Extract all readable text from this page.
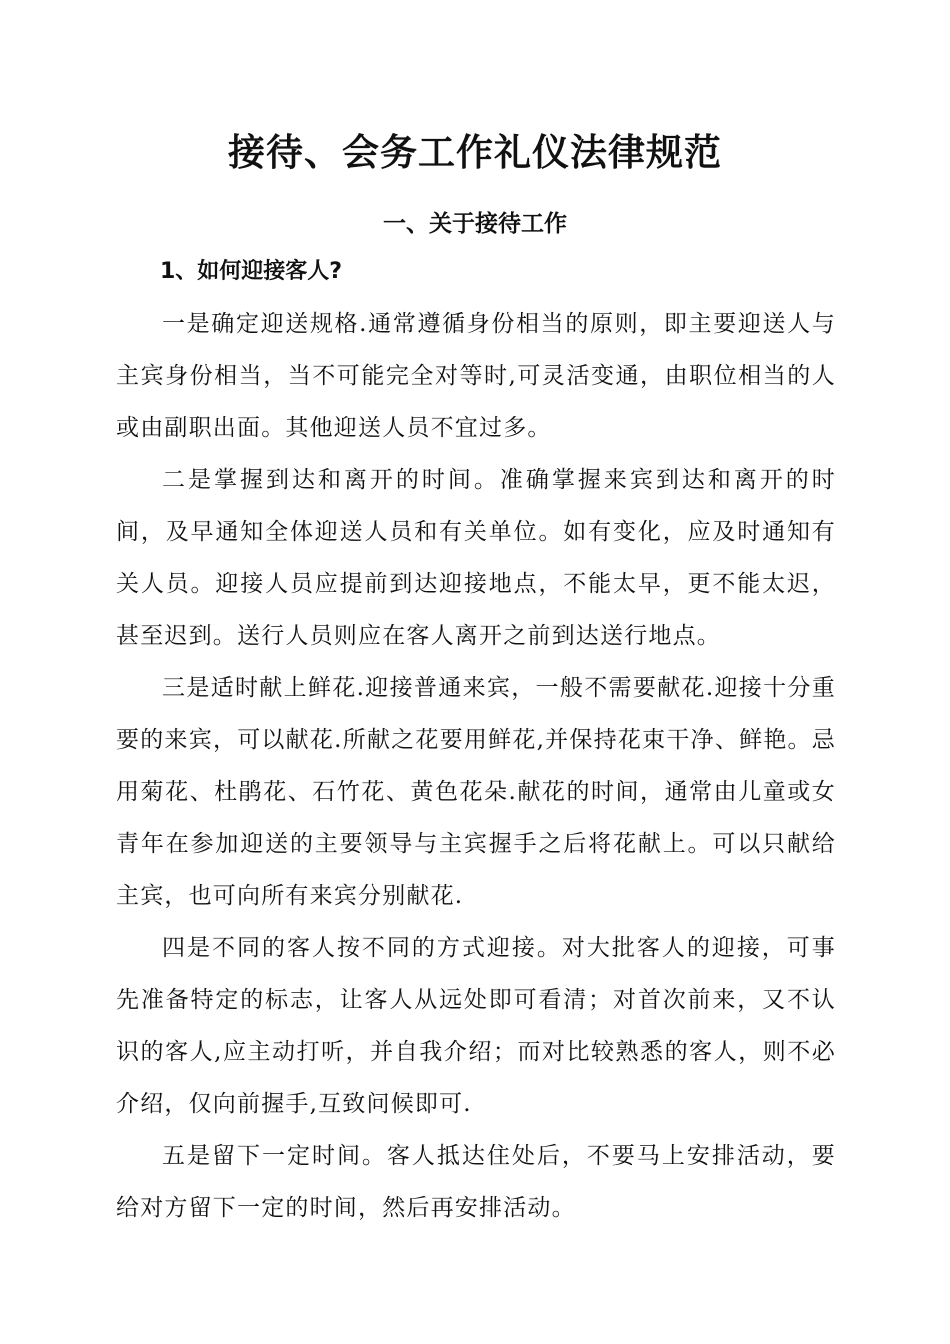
接待、会务工作礼仪法律规范
一、关于接待工作
1、如何迎接客人?

一是确定迎送规格.通常遵循身份相当的原则，即主要迎送人与主宾身份相当，当不可能完全对等时,可灵活变通，由职位相当的人或由副职出面。其他迎送人员不宜过多。

二是掌握到达和离开的时间。准确掌握来宾到达和离开的时间，及早通知全体迎送人员和有关单位。如有变化，应及时通知有关人员。迎接人员应提前到达迎接地点，不能太早，更不能太迟，甚至迟到。送行人员则应在客人离开之前到达送行地点。

三是适时献上鲜花.迎接普通来宾，一般不需要献花.迎接十分重要的来宾，可以献花.所献之花要用鲜花,并保持花束干净、鲜艳。忌用菊花、杜鹃花、石竹花、黄色花朵.献花的时间，通常由儿童或女青年在参加迎送的主要领导与主宾握手之后将花献上。可以只献给主宾，也可向所有来宾分别献花.

四是不同的客人按不同的方式迎接。对大批客人的迎接，可事先准备特定的标志，让客人从远处即可看清；对首次前来，又不认识的客人,应主动打听，并自我介绍；而对比较熟悉的客人，则不必介绍，仅向前握手,互致问候即可.

五是留下一定时间。客人抵达住处后，不要马上安排活动，要给对方留下一定的时间，然后再安排活动。
